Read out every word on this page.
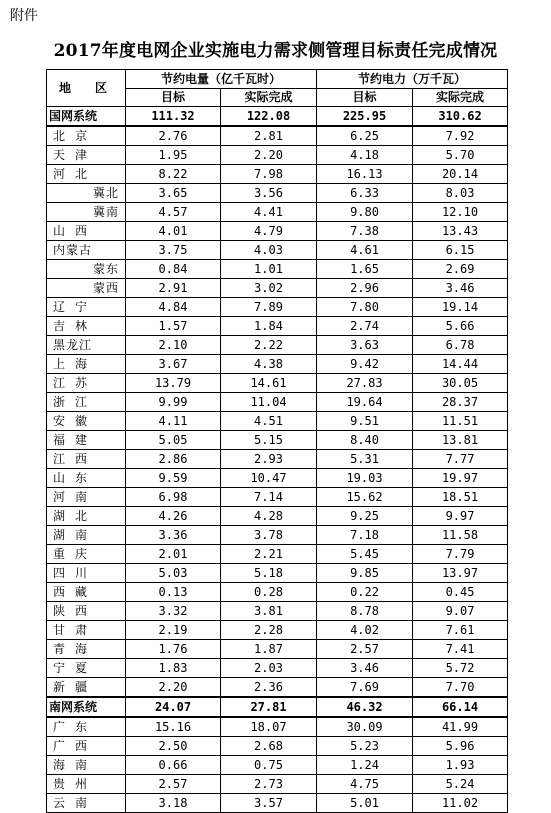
附件
2017年度电网企业实施电力需求侧管理目标责任完成情况
地　区	节约电量（亿千瓦时）		节约电力（万千瓦）	
	目标	实际完成	目标	实际完成
国网系统	111.32	122.08	225.95	310.62
北京	2.76	2.81	6.25	7.92
天津	1.95	2.20	4.18	5.70
河北	8.22	7.98	16.13	20.14
冀北	3.65	3.56	6.33	8.03
冀南	4.57	4.41	9.80	12.10
山西	4.01	4.79	7.38	13.43
内蒙古	3.75	4.03	4.61	6.15
蒙东	0.84	1.01	1.65	2.69
蒙西	2.91	3.02	2.96	3.46
辽宁	4.84	7.89	7.80	19.14
吉林	1.57	1.84	2.74	5.66
黑龙江	2.10	2.22	3.63	6.78
上海	3.67	4.38	9.42	14.44
江苏	13.79	14.61	27.83	30.05
浙江	9.99	11.04	19.64	28.37
安徽	4.11	4.51	9.51	11.51
福建	5.05	5.15	8.40	13.81
江西	2.86	2.93	5.31	7.77
山东	9.59	10.47	19.03	19.97
河南	6.98	7.14	15.62	18.51
湖北	4.26	4.28	9.25	9.97
湖南	3.36	3.78	7.18	11.58
重庆	2.01	2.21	5.45	7.79
四川	5.03	5.18	9.85	13.97
西藏	0.13	0.28	0.22	0.45
陕西	3.32	3.81	8.78	9.07
甘肃	2.19	2.28	4.02	7.61
青海	1.76	1.87	2.57	7.41
宁夏	1.83	2.03	3.46	5.72
新疆	2.20	2.36	7.69	7.70
南网系统	24.07	27.81	46.32	66.14
广东	15.16	18.07	30.09	41.99
广西	2.50	2.68	5.23	5.96
海南	0.66	0.75	1.24	1.93
贵州	2.57	2.73	4.75	5.24
云南	3.18	3.57	5.01	11.02
